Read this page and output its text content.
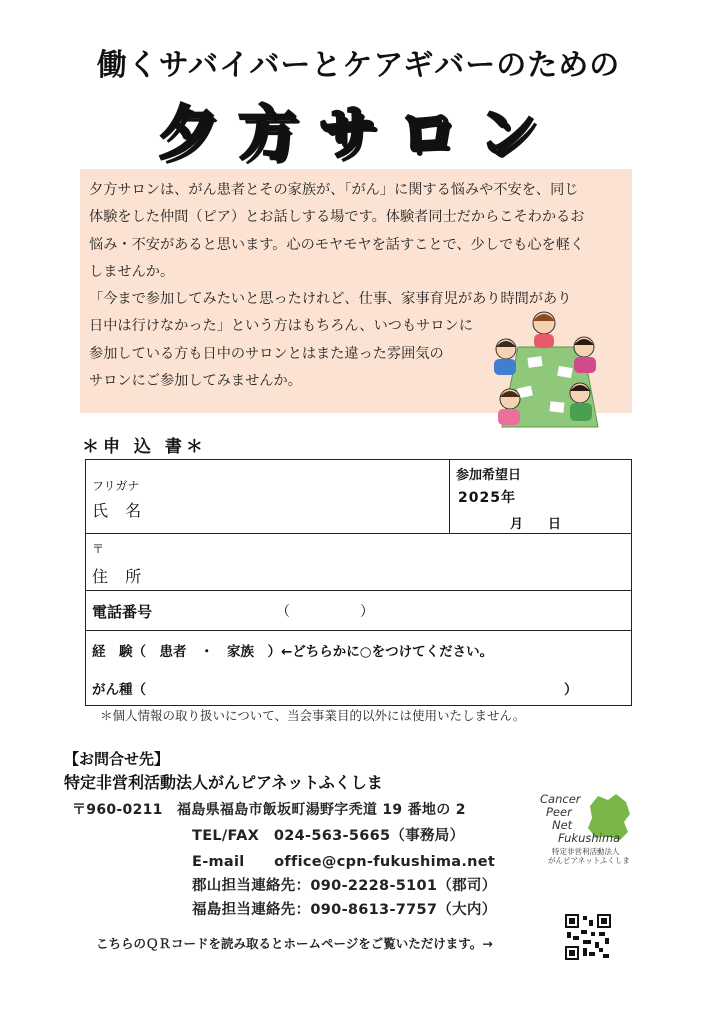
働くサバイバーとケアギバーのための
夕方サロン

夕方サロンは、がん患者とその家族が、「がん」に関する悩みや不安を、同じ

体験をした仲間（ピア）とお話しする場です。体験者同士だからこそわかるお

悩み・不安があると思います。心のモヤモヤを話すことで、少しでも心を軽く

しませんか。

「今まで参加してみたいと思ったけれど、仕事、家事育児があり時間があり

日中は行けなかった」という方はもちろん、いつもサロンに

参加している方も日中のサロンとはまた違った雰囲気の

サロンにご参加してみませんか。

＊申 込 書＊
フリガナ
氏 名
参加希望日
2025年
月　日
〒
住 所
電話番号	（　　　　　）
経　験（　患者　・　家族　）←どちらかに○をつけてください。
がん種（	）
＊個人情報の取り扱いについて、当会事業目的以外には使用いたしません。
【お問合せ先】
特定非営利活動法人がんピアネットふくしま
〒960-0211　福島県福島市飯坂町湯野字秃道 19 番地の 2
TEL/FAX　024-563-5665（事務局）
E-mail　　office@cpn-fukushima.net
郡山担当連絡先：090-2228-5101（郡司）
福島担当連絡先：090-8613-7757（大内）
Cancer
Peer
Net
Fukushima
特定非営利活動法人
がんピアネットふくしま
こちらのＱＲコードを読み取るとホームページをご覧いただけます。→
